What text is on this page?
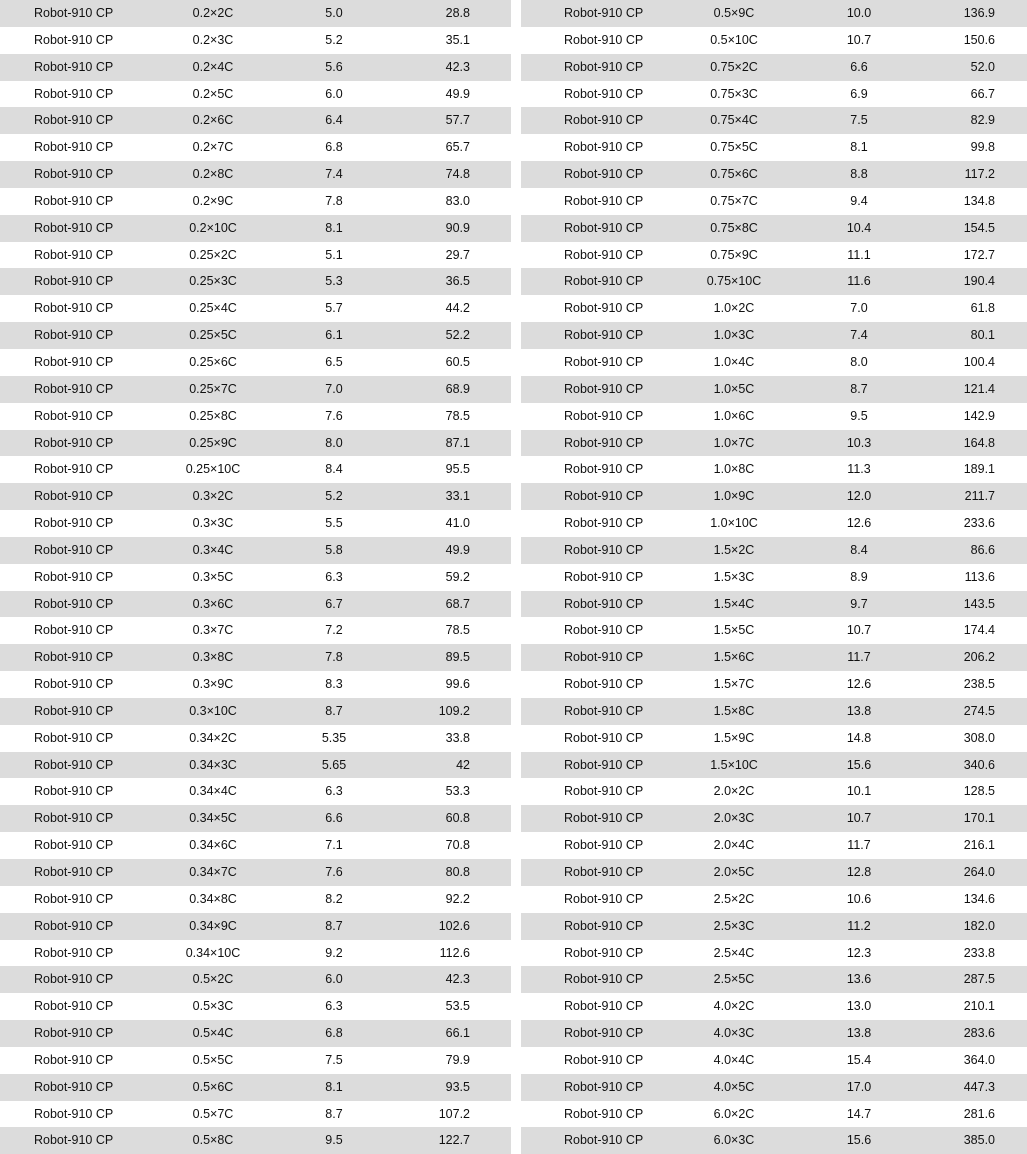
Robot-910 CP	0.2×2C	5.0	28.8
Robot-910 CP	0.2×3C	5.2	35.1
Robot-910 CP	0.2×4C	5.6	42.3
Robot-910 CP	0.2×5C	6.0	49.9
Robot-910 CP	0.2×6C	6.4	57.7
Robot-910 CP	0.2×7C	6.8	65.7
Robot-910 CP	0.2×8C	7.4	74.8
Robot-910 CP	0.2×9C	7.8	83.0
Robot-910 CP	0.2×10C	8.1	90.9
Robot-910 CP	0.25×2C	5.1	29.7
Robot-910 CP	0.25×3C	5.3	36.5
Robot-910 CP	0.25×4C	5.7	44.2
Robot-910 CP	0.25×5C	6.1	52.2
Robot-910 CP	0.25×6C	6.5	60.5
Robot-910 CP	0.25×7C	7.0	68.9
Robot-910 CP	0.25×8C	7.6	78.5
Robot-910 CP	0.25×9C	8.0	87.1
Robot-910 CP	0.25×10C	8.4	95.5
Robot-910 CP	0.3×2C	5.2	33.1
Robot-910 CP	0.3×3C	5.5	41.0
Robot-910 CP	0.3×4C	5.8	49.9
Robot-910 CP	0.3×5C	6.3	59.2
Robot-910 CP	0.3×6C	6.7	68.7
Robot-910 CP	0.3×7C	7.2	78.5
Robot-910 CP	0.3×8C	7.8	89.5
Robot-910 CP	0.3×9C	8.3	99.6
Robot-910 CP	0.3×10C	8.7	109.2
Robot-910 CP	0.34×2C	5.35	33.8
Robot-910 CP	0.34×3C	5.65	42
Robot-910 CP	0.34×4C	6.3	53.3
Robot-910 CP	0.34×5C	6.6	60.8
Robot-910 CP	0.34×6C	7.1	70.8
Robot-910 CP	0.34×7C	7.6	80.8
Robot-910 CP	0.34×8C	8.2	92.2
Robot-910 CP	0.34×9C	8.7	102.6
Robot-910 CP	0.34×10C	9.2	112.6
Robot-910 CP	0.5×2C	6.0	42.3
Robot-910 CP	0.5×3C	6.3	53.5
Robot-910 CP	0.5×4C	6.8	66.1
Robot-910 CP	0.5×5C	7.5	79.9
Robot-910 CP	0.5×6C	8.1	93.5
Robot-910 CP	0.5×7C	8.7	107.2
Robot-910 CP	0.5×8C	9.5	122.7
Robot-910 CP	0.5×9C	10.0	136.9
Robot-910 CP	0.5×10C	10.7	150.6
Robot-910 CP	0.75×2C	6.6	52.0
Robot-910 CP	0.75×3C	6.9	66.7
Robot-910 CP	0.75×4C	7.5	82.9
Robot-910 CP	0.75×5C	8.1	99.8
Robot-910 CP	0.75×6C	8.8	117.2
Robot-910 CP	0.75×7C	9.4	134.8
Robot-910 CP	0.75×8C	10.4	154.5
Robot-910 CP	0.75×9C	11.1	172.7
Robot-910 CP	0.75×10C	11.6	190.4
Robot-910 CP	1.0×2C	7.0	61.8
Robot-910 CP	1.0×3C	7.4	80.1
Robot-910 CP	1.0×4C	8.0	100.4
Robot-910 CP	1.0×5C	8.7	121.4
Robot-910 CP	1.0×6C	9.5	142.9
Robot-910 CP	1.0×7C	10.3	164.8
Robot-910 CP	1.0×8C	11.3	189.1
Robot-910 CP	1.0×9C	12.0	211.7
Robot-910 CP	1.0×10C	12.6	233.6
Robot-910 CP	1.5×2C	8.4	86.6
Robot-910 CP	1.5×3C	8.9	113.6
Robot-910 CP	1.5×4C	9.7	143.5
Robot-910 CP	1.5×5C	10.7	174.4
Robot-910 CP	1.5×6C	11.7	206.2
Robot-910 CP	1.5×7C	12.6	238.5
Robot-910 CP	1.5×8C	13.8	274.5
Robot-910 CP	1.5×9C	14.8	308.0
Robot-910 CP	1.5×10C	15.6	340.6
Robot-910 CP	2.0×2C	10.1	128.5
Robot-910 CP	2.0×3C	10.7	170.1
Robot-910 CP	2.0×4C	11.7	216.1
Robot-910 CP	2.0×5C	12.8	264.0
Robot-910 CP	2.5×2C	10.6	134.6
Robot-910 CP	2.5×3C	11.2	182.0
Robot-910 CP	2.5×4C	12.3	233.8
Robot-910 CP	2.5×5C	13.6	287.5
Robot-910 CP	4.0×2C	13.0	210.1
Robot-910 CP	4.0×3C	13.8	283.6
Robot-910 CP	4.0×4C	15.4	364.0
Robot-910 CP	4.0×5C	17.0	447.3
Robot-910 CP	6.0×2C	14.7	281.6
Robot-910 CP	6.0×3C	15.6	385.0
